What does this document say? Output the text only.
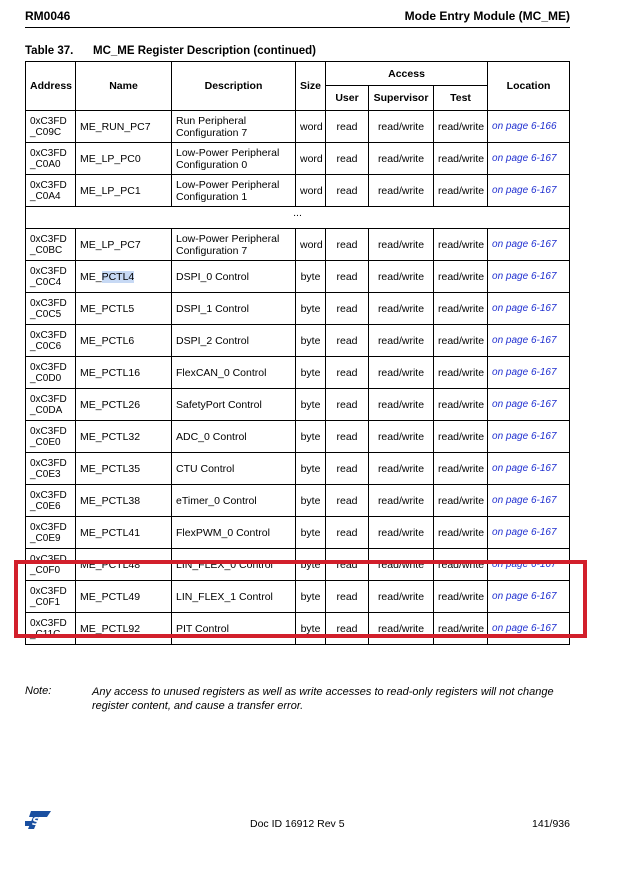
RM0046	Mode Entry Module (MC_ME)
Table 37. MC_ME Register Description (continued)
Address	Name	Description	Size	Access			Location
				User	Supervisor	Test	
0xC3FD
_C09C	ME_RUN_PC7	Run Peripheral Configuration 7	word	read	read/write	read/write	on page 6-166
0xC3FD
_C0A0	ME_LP_PC0	Low-Power Peripheral Configuration 0	word	read	read/write	read/write	on page 6-167
0xC3FD
_C0A4	ME_LP_PC1	Low-Power Peripheral Configuration 1	word	read	read/write	read/write	on page 6-167
...							
0xC3FD
_C0BC	ME_LP_PC7	Low-Power Peripheral Configuration 7	word	read	read/write	read/write	on page 6-167
0xC3FD
_C0C4	ME_PCTL4	DSPI_0 Control	byte	read	read/write	read/write	on page 6-167
0xC3FD
_C0C5	ME_PCTL5	DSPI_1 Control	byte	read	read/write	read/write	on page 6-167
0xC3FD
_C0C6	ME_PCTL6	DSPI_2 Control	byte	read	read/write	read/write	on page 6-167
0xC3FD
_C0D0	ME_PCTL16	FlexCAN_0 Control	byte	read	read/write	read/write	on page 6-167
0xC3FD
_C0DA	ME_PCTL26	SafetyPort Control	byte	read	read/write	read/write	on page 6-167
0xC3FD
_C0E0	ME_PCTL32	ADC_0 Control	byte	read	read/write	read/write	on page 6-167
0xC3FD
_C0E3	ME_PCTL35	CTU Control	byte	read	read/write	read/write	on page 6-167
0xC3FD
_C0E6	ME_PCTL38	eTimer_0 Control	byte	read	read/write	read/write	on page 6-167
0xC3FD
_C0E9	ME_PCTL41	FlexPWM_0 Control	byte	read	read/write	read/write	on page 6-167
0xC3FD
_C0F0	ME_PCTL48	LIN_FLEX_0 Control	byte	read	read/write	read/write	on page 6-167
0xC3FD
_C0F1	ME_PCTL49	LIN_FLEX_1 Control	byte	read	read/write	read/write	on page 6-167
0xC3FD
_C11C	ME_PCTL92	PIT Control	byte	read	read/write	read/write	on page 6-167
Note:	Any access to unused registers as well as write accesses to read-only registers will not change register content, and cause a transfer error.
ST	Doc ID 16912 Rev 5	141/936
